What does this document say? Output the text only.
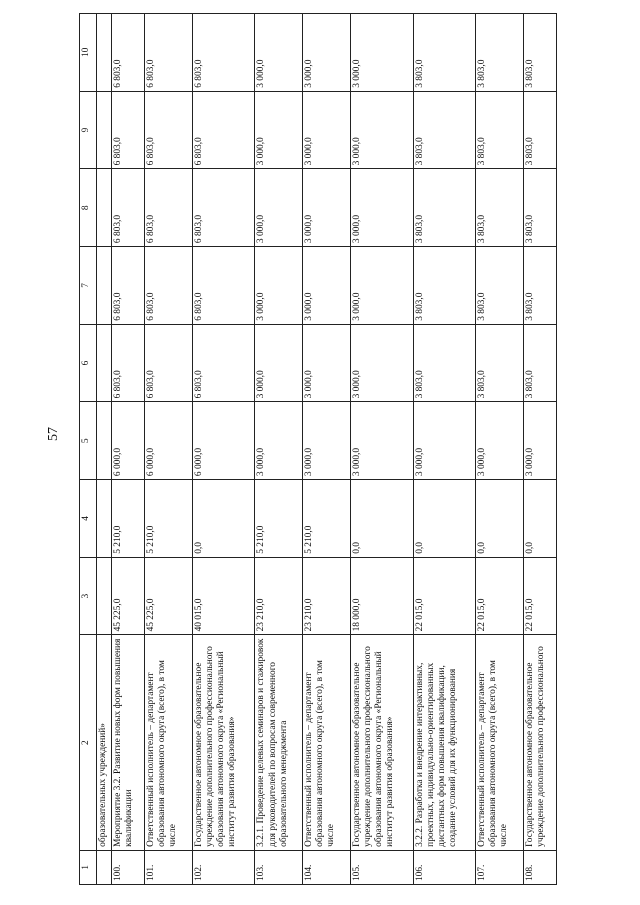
57
1	2	3	4	5	6	7	8	9	10
	образовательных учреждений»								
100.	Мероприятие 3.2. Развитие новых форм повышения квалификации	45 225,0	5 210,0	6 000,0	6 803,0	6 803,0	6 803,0	6 803,0	6 803,0
101.	Ответственный исполнитель – департамент образования автономного округа (всего), в том числе	45 225,0	5 210,0	6 000,0	6 803,0	6 803,0	6 803,0	6 803,0	6 803,0
102.	Государственное автономное образовательное учреждение дополнительного профессионального образования автономного округа «Региональный институт развития образования»	40 015,0	0,0	6 000,0	6 803,0	6 803,0	6 803,0	6 803,0	6 803,0
103.	3.2.1. Проведение целевых семинаров и стажировок для руководителей по вопросам современного образовательного менеджмента	23 210,0	5 210,0	3 000,0	3 000,0	3 000,0	3 000,0	3 000,0	3 000,0
104.	Ответственный исполнитель – департамент образования автономного округа (всего), в том числе	23 210,0	5 210,0	3 000,0	3 000,0	3 000,0	3 000,0	3 000,0	3 000,0
105.	Государственное автономное образовательное учреждение дополнительного профессионального образования автономного округа «Региональный институт развития образования»	18 000,0	0,0	3 000,0	3 000,0	3 000,0	3 000,0	3 000,0	3 000,0
106.	3.2.2. Разработка и внедрение интерактивных, проектных, индивидуально-ориентированных дистантных форм повышения квалификации, создание условий для их функционирования	22 015,0	0,0	3 000,0	3 803,0	3 803,0	3 803,0	3 803,0	3 803,0
107.	Ответственный исполнитель – департамент образования автономного округа (всего), в том числе	22 015,0	0,0	3 000,0	3 803,0	3 803,0	3 803,0	3 803,0	3 803,0
108.	Государственное автономное образовательное учреждение дополнительного профессионального	22 015,0	0,0	3 000,0	3 803,0	3 803,0	3 803,0	3 803,0	3 803,0
